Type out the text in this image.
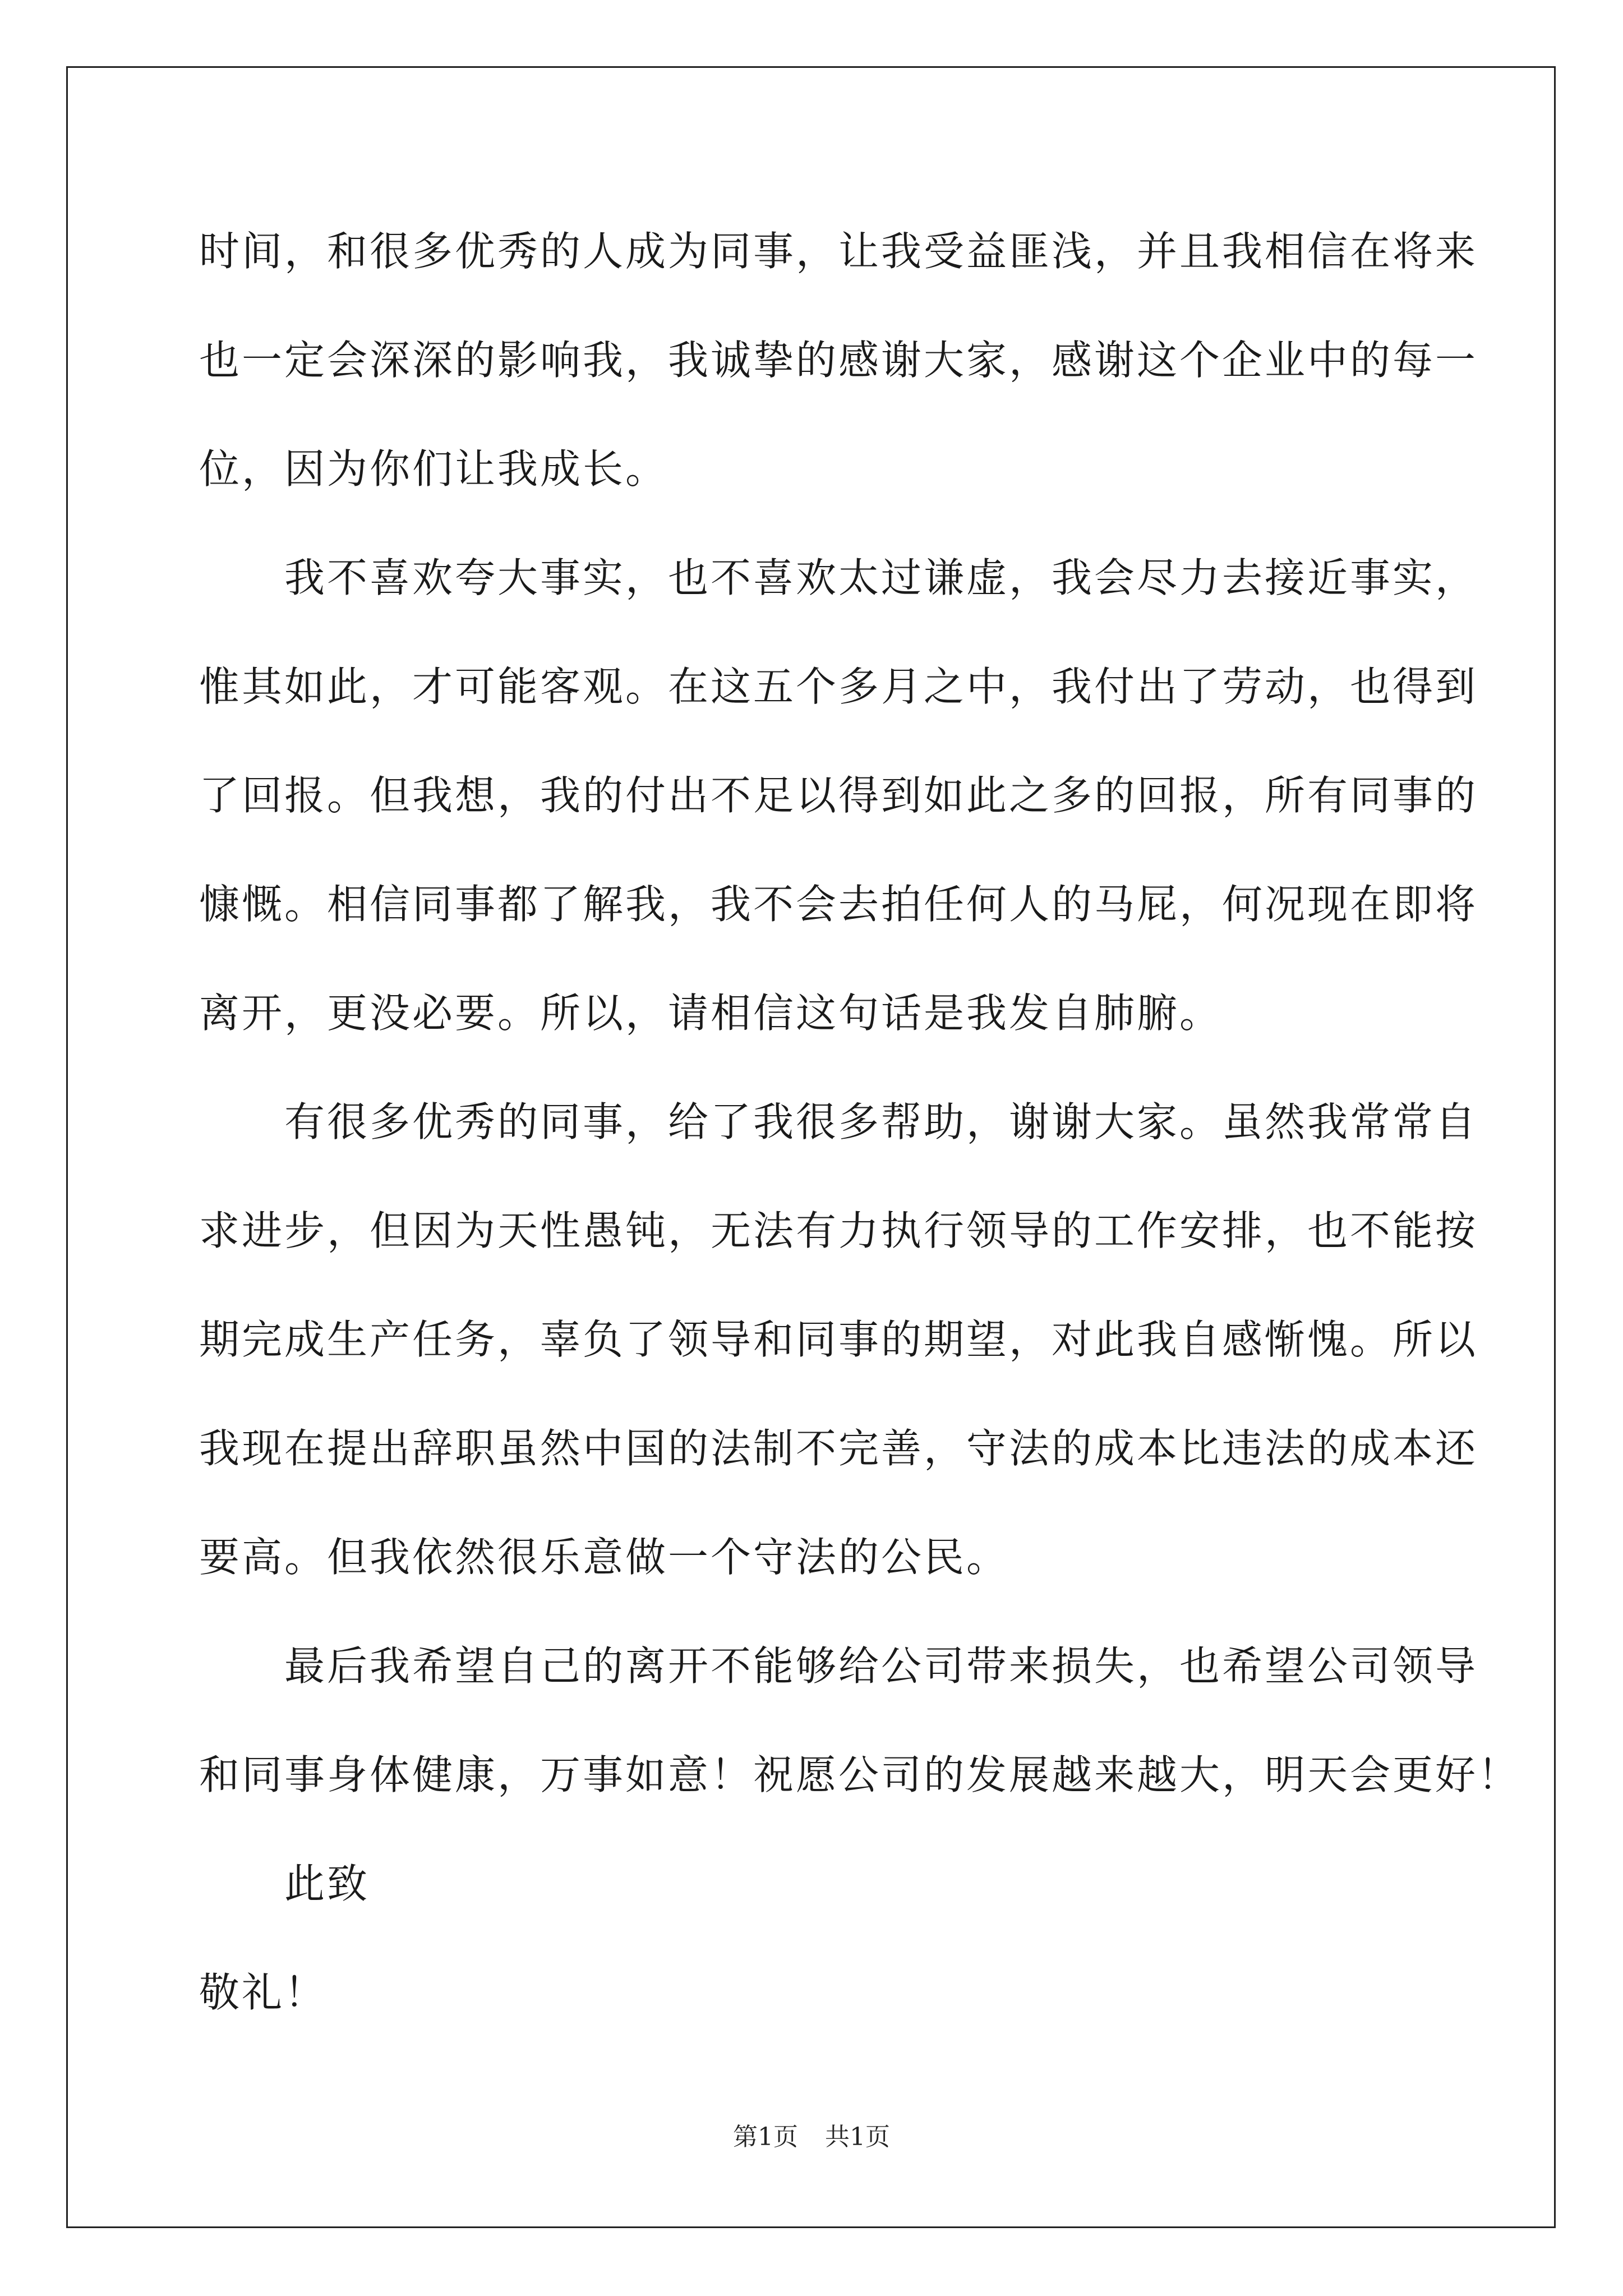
时间，和很多优秀的人成为同事，让我受益匪浅，并且我相信在将来
也一定会深深的影响我，我诚挚的感谢大家，感谢这个企业中的每一
位，因为你们让我成长。
我不喜欢夸大事实，也不喜欢太过谦虚，我会尽力去接近事实，
惟其如此，才可能客观。在这五个多月之中，我付出了劳动，也得到
了回报。但我想，我的付出不足以得到如此之多的回报，所有同事的
慷慨。相信同事都了解我，我不会去拍任何人的马屁，何况现在即将
离开，更没必要。所以，请相信这句话是我发自肺腑。
有很多优秀的同事，给了我很多帮助，谢谢大家。虽然我常常自
求进步，但因为天性愚钝，无法有力执行领导的工作安排，也不能按
期完成生产任务，辜负了领导和同事的期望，对此我自感惭愧。所以
我现在提出辞职虽然中国的法制不完善，守法的成本比违法的成本还
要高。但我依然很乐意做一个守法的公民。
最后我希望自己的离开不能够给公司带来损失，也希望公司领导
和同事身体健康，万事如意！祝愿公司的发展越来越大，明天会更好！
此致
敬礼！
第1页 共1页
